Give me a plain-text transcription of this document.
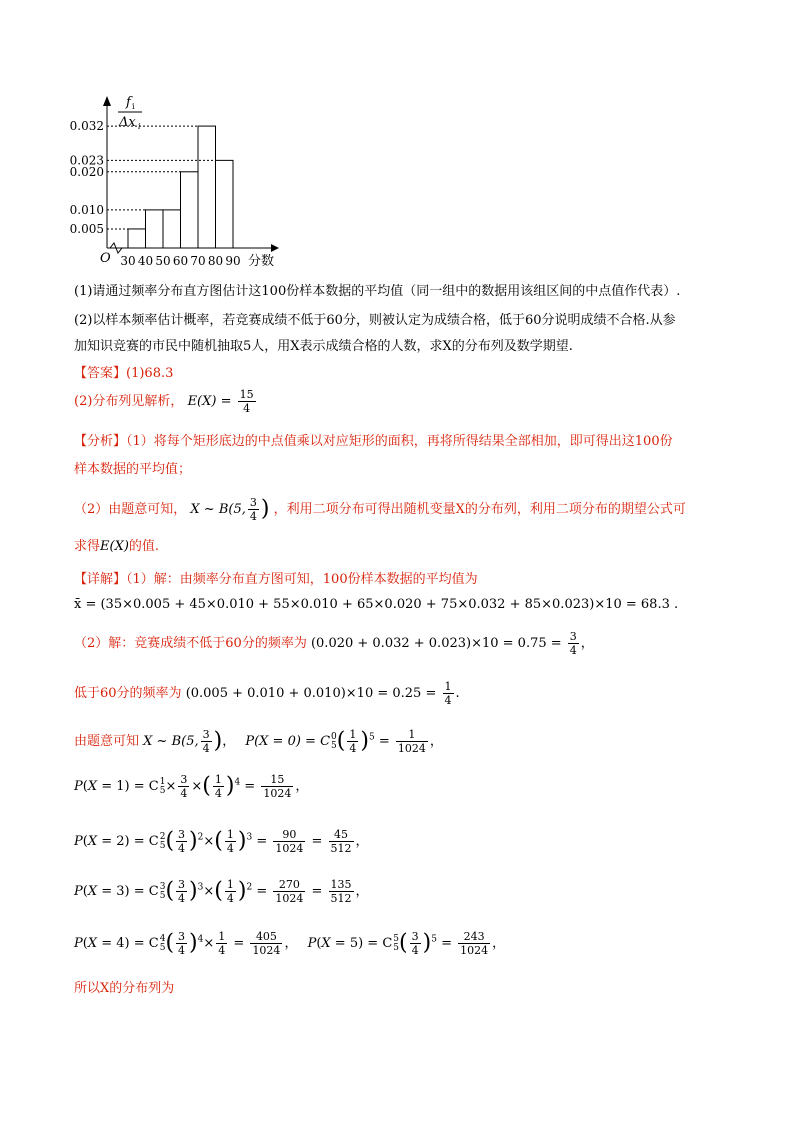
0.032
0.023
0.020
0.010
0.005
30 40 50 60 70 80 90
O	分数
f i
Δx i
(1)请通过频率分布直方图估计这100份样本数据的平均值（同一组中的数据用该组区间的中点值作代表）.
(2)以样本频率估计概率，若竞赛成绩不低于60分，则被认定为成绩合格，低于60分说明成绩不合格.从参
加知识竞赛的市民中随机抽取5人，用X表示成绩合格的人数，求X的分布列及数学期望.
【答案】(1)68.3
(2)分布列见解析， $E(X) = \frac{15}{4}$
【分析】（1）将每个矩形底边的中点值乘以对应矩形的面积，再将所得结果全部相加，即可得出这100份
样本数据的平均值；
（2）由题意可知， X ~ B(5, $\frac{3}{4}$ ) ，利用二项分布可得出随机变量X的分布列，利用二项分布的期望公式可
求得E(X)的值.
【详解】（1）解：由频率分布直方图可知，100份样本数据的平均值为
x̄ = (35×0.005 + 45×0.010 + 55×0.010 + 65×0.020 + 75×0.032 + 85×0.023)×10 = 68.3 .
（2）解：竞赛成绩不低于60分的频率为 $(0.020 + 0.032 + 0.023)\times 10 = 0.75 = \frac{3}{4}$ ，
低于60分的频率为 $(0.005 + 0.010 + 0.010)\times 10 = 0.25 = \frac{1}{4}$ .
由题意可知 X ~ B(5, $\frac{3}{4}$ )， P(X = 0) = C 0
5 ( $\frac{1}{4} )^5 = \frac{1}{1024}$ ，
P(X = 1) = C 1
$5 \times \frac{3}{4}$ ×( $\frac{1}{4} )^4 = \frac{15}{1024}$ ，
P(X = 2) = C 2
5 ( $\frac{3}{4} )^2\times( \frac{1}{4} )^3 = \frac{90}{1024} = \frac{45}{512}$ ，
P(X = 3) = C 3
5 ( $\frac{3}{4} )^3\times( \frac{1}{4} )^2 = \frac{270}{1024} = \frac{135}{512}$ ，
P(X = 4) = C 4
5 ( $\frac{3}{4} )^4\times \frac{1}{4} = \frac{405}{1024}$ ， P(X = 5) = C 5
5 ( $\frac{3}{4} )^5 = \frac{243}{1024}$ ，
所以X的分布列为
